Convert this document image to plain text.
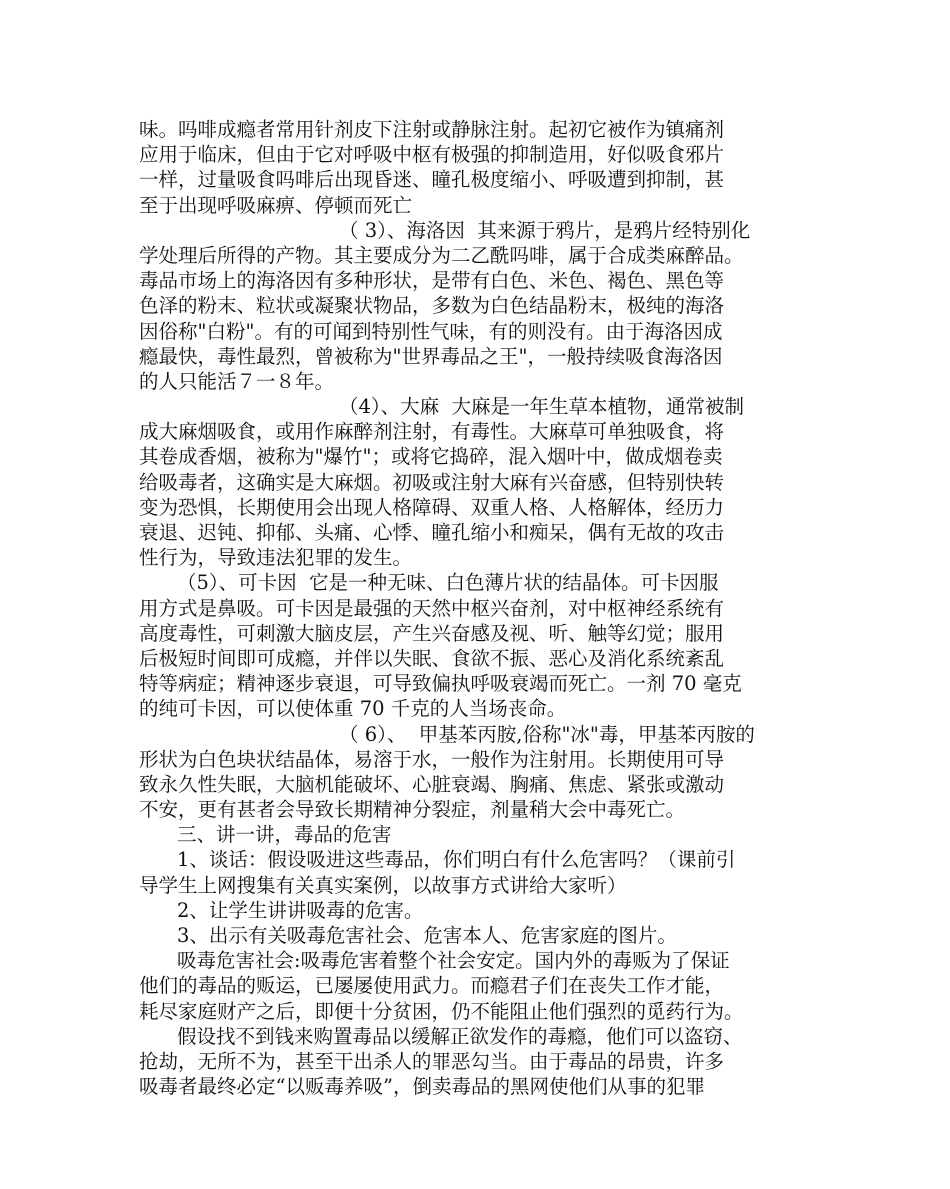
味。吗啡成瘾者常用针剂皮下注射或静脉注射。起初它被作为镇痛剂
应用于临床，但由于它对呼吸中枢有极强的抑制造用，好似吸食邪片
一样，过量吸食吗啡后出现昏迷、瞳孔极度缩小、呼吸遭到抑制，甚
至于出现呼吸麻痹、停顿而死亡
（ 3）、海洛因  其来源于鸦片，是鸦片经特别化
学处理后所得的产物。其主要成分为二乙酰吗啡，属于合成类麻醉品。
毒品市场上的海洛因有多种形状，是带有白色、米色、褐色、黑色等
色泽的粉末、粒状或凝聚状物品，多数为白色结晶粉末，极纯的海洛
因俗称"白粉"。有的可闻到特别性气味，有的则没有。由于海洛因成
瘾最快，毒性最烈，曾被称为"世界毒品之王"，一般持续吸食海洛因
的人只能活７一８年。
（4）、大麻  大麻是一年生草本植物，通常被制
成大麻烟吸食，或用作麻醉剂注射，有毒性。大麻草可单独吸食，将
其卷成香烟，被称为"爆竹"；或将它捣碎，混入烟叶中，做成烟卷卖
给吸毒者，这确实是大麻烟。初吸或注射大麻有兴奋感，但特别快转
变为恐惧，长期使用会出现人格障碍、双重人格、人格解体，经历力
衰退、迟钝、抑郁、头痛、心悸、瞳孔缩小和痴呆，偶有无故的攻击
性行为，导致违法犯罪的发生。
（5）、可卡因  它是一种无味、白色薄片状的结晶体。可卡因服
用方式是鼻吸。可卡因是最强的天然中枢兴奋剂，对中枢神经系统有
高度毒性，可刺激大脑皮层，产生兴奋感及视、听、触等幻觉；服用
后极短时间即可成瘾，并伴以失眠、食欲不振、恶心及消化系统紊乱
特等病症；精神逐步衰退，可导致偏执呼吸衰竭而死亡。一剂 70 毫克
的纯可卡因，可以使体重 70 千克的人当场丧命。
（ 6）、  甲基苯丙胺,俗称"冰"毒，甲基苯丙胺的
形状为白色块状结晶体，易溶于水，一般作为注射用。长期使用可导
致永久性失眠，大脑机能破坏、心脏衰竭、胸痛、焦虑、紧张或激动
不安，更有甚者会导致长期精神分裂症，剂量稍大会中毒死亡。
三、讲一讲，毒品的危害
1、谈话：假设吸进这些毒品，你们明白有什么危害吗？（课前引
导学生上网搜集有关真实案例，以故事方式讲给大家听）
2、让学生讲讲吸毒的危害。
3、出示有关吸毒危害社会、危害本人、危害家庭的图片。
吸毒危害社会:吸毒危害着整个社会安定。国内外的毒贩为了保证
他们的毒品的贩运，已屡屡使用武力。而瘾君子们在丧失工作才能，
耗尽家庭财产之后，即便十分贫困，仍不能阻止他们强烈的觅药行为。
假设找不到钱来购置毒品以缓解正欲发作的毒瘾，他们可以盗窃、
抢劫，无所不为，甚至干出杀人的罪恶勾当。由于毒品的昂贵，许多
吸毒者最终必定“以贩毒养吸”，倒卖毒品的黑网使他们从事的犯罪
